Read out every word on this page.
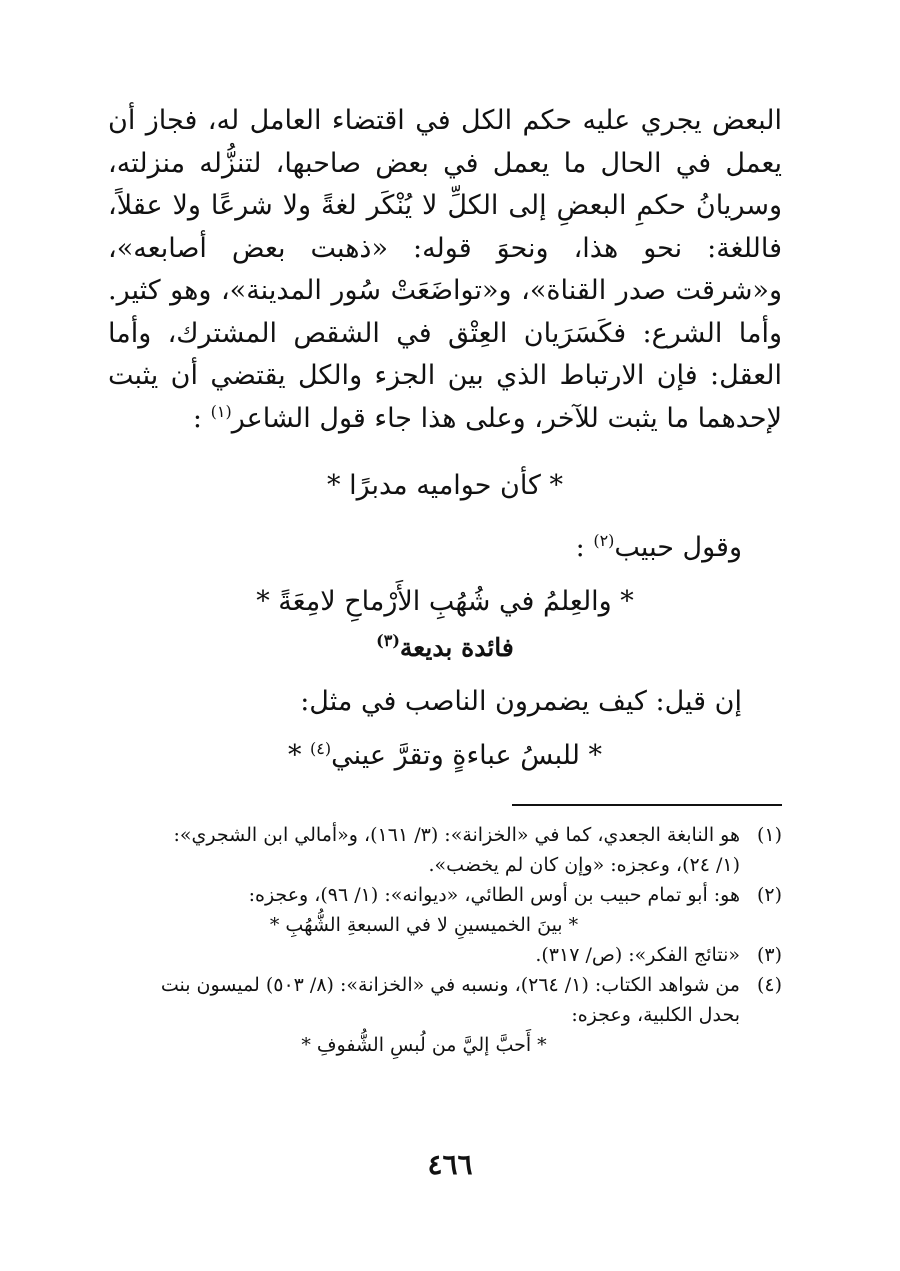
البعض يجري عليه حكم الكل في اقتضاء العامل له، فجاز أن يعمل في الحال ما يعمل في بعض صاحبها، لتنزُّله منزلته، وسريانُ حكمِ البعضِ إلى الكلِّ لا يُنْكَر لغةً ولا شرعًا ولا عقلاً، فاللغة: نحو هذا، ونحوَ قوله: «ذهبت بعض أصابعه»، و«شرقت صدر القناة»، و«تواضَعَتْ سُور المدينة»، وهو كثير. وأما الشرع: فكَسَرَيان العِتْق في الشقص المشترك، وأما العقل: فإن الارتباط الذي بين الجزء والكل يقتضي أن يثبت لإحدهما ما يثبت للآخر، وعلى هذا جاء قول الشاعر$^{(١)}$ :

* كأن حواميه مدبرًا *

وقول حبيب$^{(٢)}$ :

* والعِلمُ في شُهُبِ الأَرْماحِ لامِعَةً *

فائدة بديعة$^{(٣)}$

إن قيل: كيف يضمرون الناصب في مثل:

* للبسُ عباءةٍ وتقرَّ عيني$^{(٤)}$ *

(١)
هو النابغة الجعدي، كما في «الخزانة»: (٣/ ١٦١)، و«أمالي ابن الشجري»:
(١/ ٢٤)، وعجزه: «وإن كان لم يخضب».
(٢)
هو: أبو تمام حبيب بن أوس الطائي، «ديوانه»: (١/ ٩٦)، وعجزه:
* بينَ الخميسينِ لا في السبعةِ الشُّهُبِ *
(٣)
«نتائج الفكر»: (ص/ ٣١٧).
(٤)
من شواهد الكتاب: (١/ ٢٦٤)، ونسبه في «الخزانة»: (٨/ ٥٠٣) لميسون بنت
بحدل الكلبية، وعجزه:
* أَحبَّ إليَّ من لُبسِ الشُّفوفِ *
٤٦٦
